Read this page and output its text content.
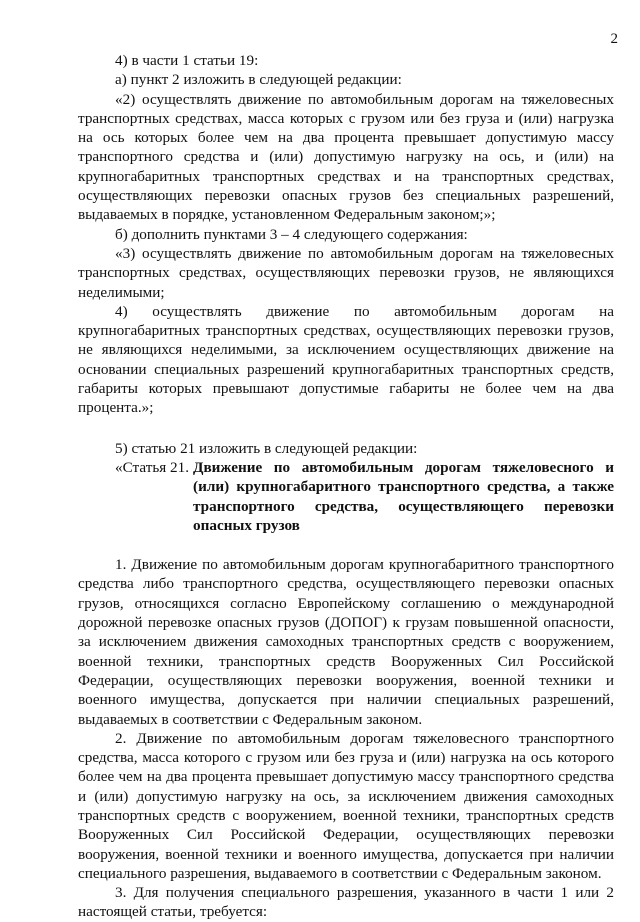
2

4) в части 1 статьи 19:

а) пункт 2 изложить в следующей редакции:

«2) осуществлять движение по автомобильным дорогам на тяжеловесных транспортных средствах, масса которых с грузом или без груза и (или) нагрузка на ось которых более чем на два процента превышает допустимую массу транспортного средства и (или) допустимую нагрузку на ось, и (или) на крупногабаритных транспортных средствах и на транспортных средствах, осуществляющих перевозки опасных грузов без специальных разрешений, выдаваемых в порядке, установленном Федеральным законом;»;

б) дополнить пунктами 3 – 4 следующего содержания:

«3) осуществлять движение по автомобильным дорогам на тяжеловесных транспортных средствах, осуществляющих перевозки грузов, не являющихся неделимыми;

4) осуществлять движение по автомобильным дорогам на крупногабаритных транспортных средствах, осуществляющих перевозки грузов, не являющихся неделимыми, за исключением осуществляющих движение на основании специальных разрешений крупногабаритных транспортных средств, габариты которых превышают допустимые габариты не более чем на два процента.»;

5) статью 21 изложить в следующей редакции:

«Статья 21. Движение по автомобильным дорогам тяжеловесного и (или) крупногабаритного транспортного средства, а также транспортного средства, осуществляющего перевозки опасных грузов

1. Движение по автомобильным дорогам крупногабаритного транспортного средства либо транспортного средства, осуществляющего перевозки опасных грузов, относящихся согласно Европейскому соглашению о международной дорожной перевозке опасных грузов (ДОПОГ) к грузам повышенной опасности, за исключением движения самоходных транспортных средств с вооружением, военной техники, транспортных средств Вооруженных Сил Российской Федерации, осуществляющих перевозки вооружения, военной техники и военного имущества, допускается при наличии специальных разрешений, выдаваемых в соответствии с Федеральным законом.

2. Движение по автомобильным дорогам тяжеловесного транспортного средства, масса которого с грузом или без груза и (или) нагрузка на ось которого более чем на два процента превышает допустимую массу транспортного средства и (или) допустимую нагрузку на ось, за исключением движения самоходных транспортных средств с вооружением, военной техники, транспортных средств Вооруженных Сил Российской Федерации, осуществляющих перевозки вооружения, военной техники и военного имущества, допускается при наличии специального разрешения, выдаваемого в соответствии с Федеральным законом.

3. Для получения специального разрешения, указанного в части 1 или 2 настоящей статьи, требуется:
